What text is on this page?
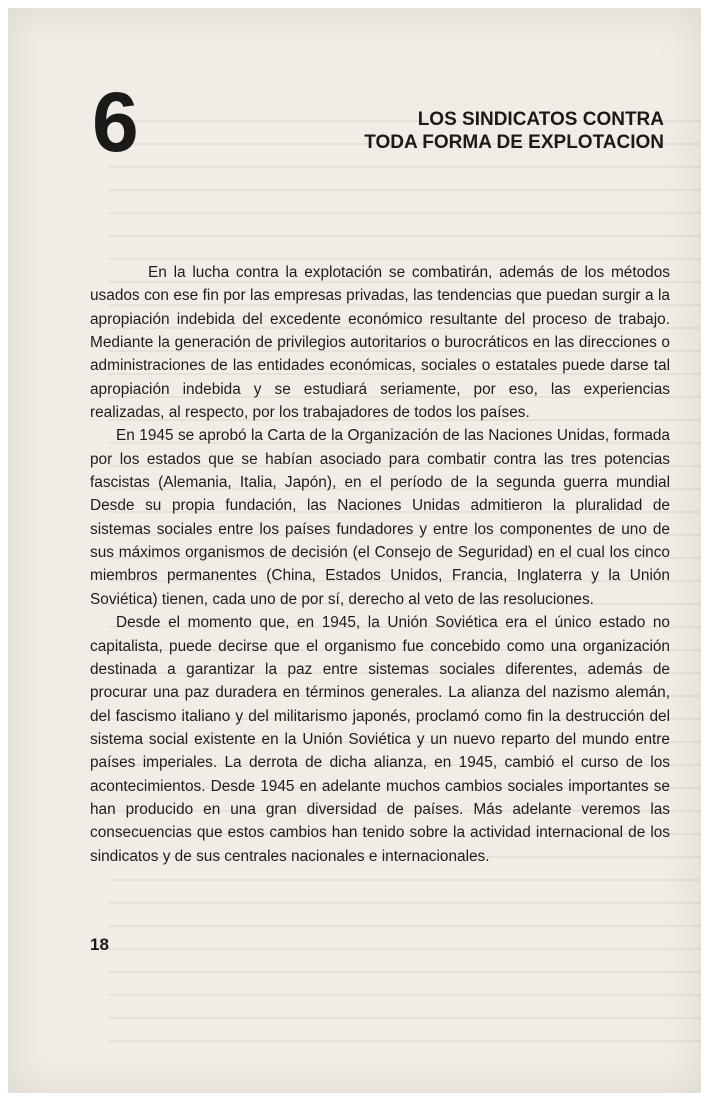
6	LOS SINDICATOS CONTRA
TODA FORMA DE EXPLOTACION

En la lucha contra la explotación se combatirán, además de los métodos usados con ese fin por las empresas privadas, las tendencias que puedan surgir a la apropiación indebida del excedente económico resultante del proceso de trabajo. Mediante la generación de privilegios autoritarios o burocráticos en las direcciones o administraciones de las entidades económicas, sociales o estatales puede darse tal apropiación indebida y se estudiará seriamente, por eso, las experiencias realizadas, al respecto, por los trabajadores de todos los países.

En 1945 se aprobó la Carta de la Organización de las Naciones Unidas, formada por los estados que se habían asociado para combatir contra las tres potencias fascistas (Alemania, Italia, Japón), en el período de la segunda guerra mundial Desde su propia fundación, las Naciones Unidas admitieron la pluralidad de sistemas sociales entre los países fundadores y entre los componentes de uno de sus máximos organismos de decisión (el Consejo de Seguridad) en el cual los cinco miembros permanentes (China, Estados Unidos, Francia, Inglaterra y la Unión Soviética) tienen, cada uno de por sí, derecho al veto de las resoluciones.

Desde el momento que, en 1945, la Unión Soviética era el único estado no capitalista, puede decirse que el organismo fue concebido como una organización destinada a garantizar la paz entre sistemas sociales diferentes, además de procurar una paz duradera en términos generales. La alianza del nazismo alemán, del fascismo italiano y del militarismo japonés, proclamó como fin la destrucción del sistema social existente en la Unión Soviética y un nuevo reparto del mundo entre países imperiales. La derrota de dicha alianza, en 1945, cambió el curso de los acontecimientos. Desde 1945 en adelante muchos cambios sociales importantes se han producido en una gran diversidad de países. Más adelante veremos las consecuencias que estos cambios han tenido sobre la actividad internacional de los sindicatos y de sus centrales nacionales e internacionales.

18
